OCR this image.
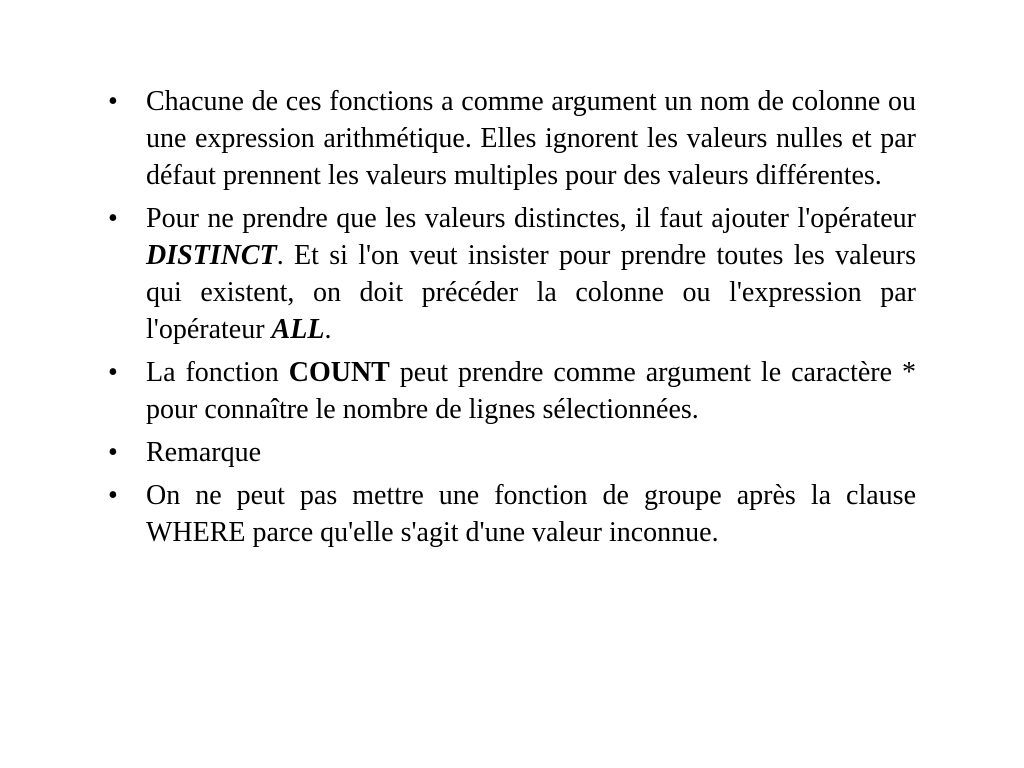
•	Chacune de ces fonctions a comme argument un nom de colonne ou une expression arithmétique. Elles ignorent les valeurs nulles et par défaut prennent les valeurs multiples pour des valeurs différentes.
•	Pour ne prendre que les valeurs distinctes, il faut ajouter l'opérateur DISTINCT. Et si l'on veut insister pour prendre toutes les valeurs qui existent, on doit précéder la colonne ou l'expression par l'opérateur ALL.
•	La fonction COUNT peut prendre comme argument le caractère * pour connaître le nombre de lignes sélectionnées.
•	Remarque
•	On ne peut pas mettre une fonction de groupe après la clause WHERE parce qu'elle s'agit d'une valeur inconnue.
